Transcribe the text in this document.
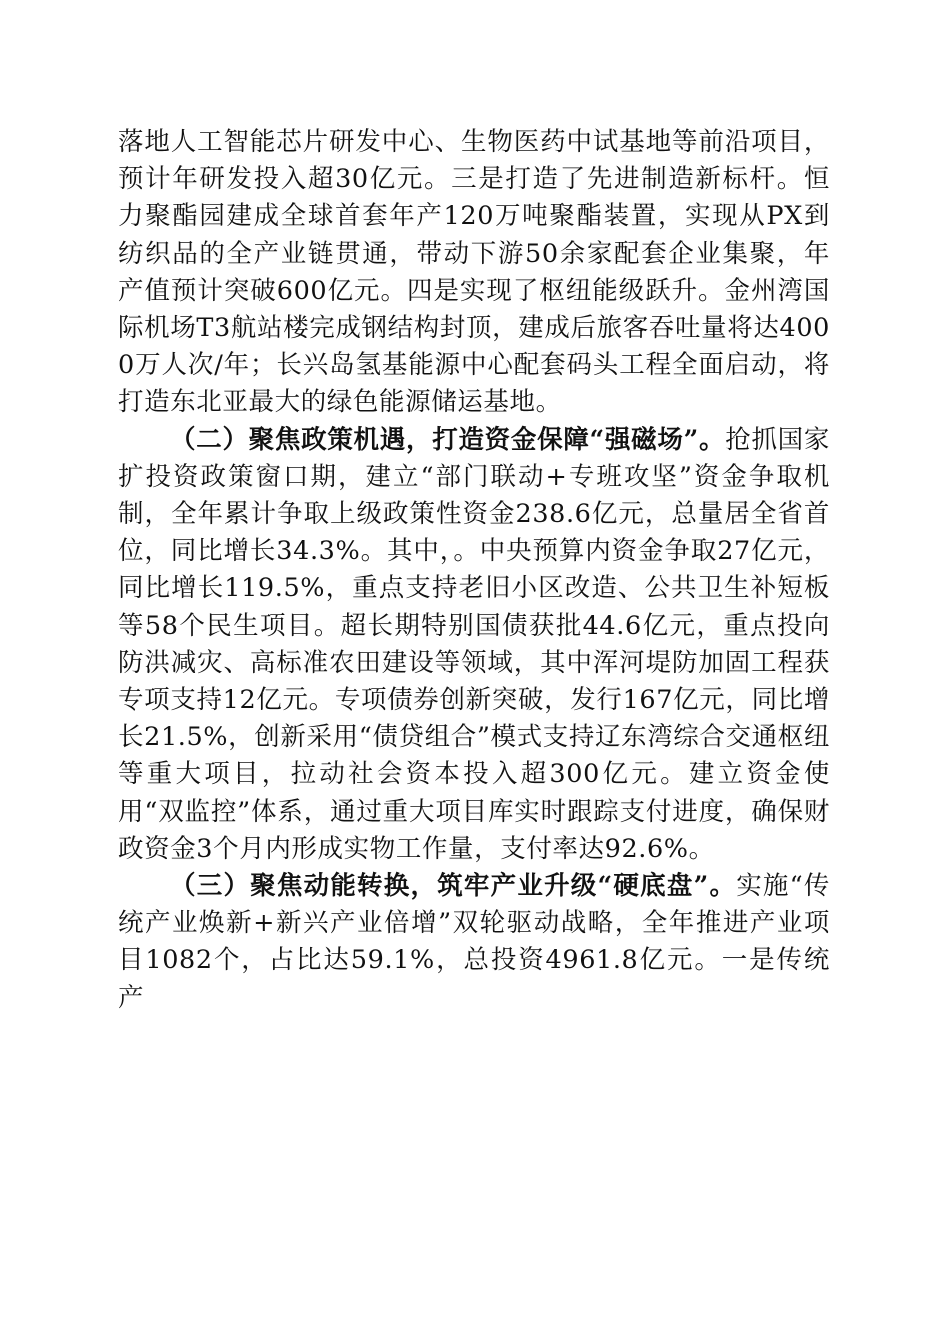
落地人工智能芯片研发中心、生物医药中试基地等前沿项目，预计年研发投入超30亿元。三是打造了先进制造新标杆。恒力聚酯园建成全球首套年产120万吨聚酯装置，实现从PX到纺织品的全产业链贯通，带动下游50余家配套企业集聚，年产值预计突破600亿元。四是实现了枢纽能级跃升。金州湾国际机场T3航站楼完成钢结构封顶，建成后旅客吞吐量将达4000万人次/年；长兴岛氢基能源中心配套码头工程全面启动，将打造东北亚最大的绿色能源储运基地。

（二）聚焦政策机遇，打造资金保障“强磁场”。抢抓国家扩投资政策窗口期，建立“部门联动+专班攻坚”资金争取机制，全年累计争取上级政策性资金238.6亿元，总量居全省首位，同比增长34.3%。其中，。中央预算内资金争取27亿元，同比增长119.5%，重点支持老旧小区改造、公共卫生补短板等58个民生项目。超长期特别国债获批44.6亿元，重点投向防洪减灾、高标准农田建设等领域，其中浑河堤防加固工程获专项支持12亿元。专项债券创新突破，发行167亿元，同比增长21.5%，创新采用“债贷组合”模式支持辽东湾综合交通枢纽等重大项目，拉动社会资本投入超300亿元。建立资金使用“双监控”体系，通过重大项目库实时跟踪支付进度，确保财政资金3个月内形成实物工作量，支付率达92.6%。

（三）聚焦动能转换，筑牢产业升级“硬底盘”。实施“传统产业焕新+新兴产业倍增”双轮驱动战略，全年推进产业项目1082个，占比达59.1%，总投资4961.8亿元。一是传统产
